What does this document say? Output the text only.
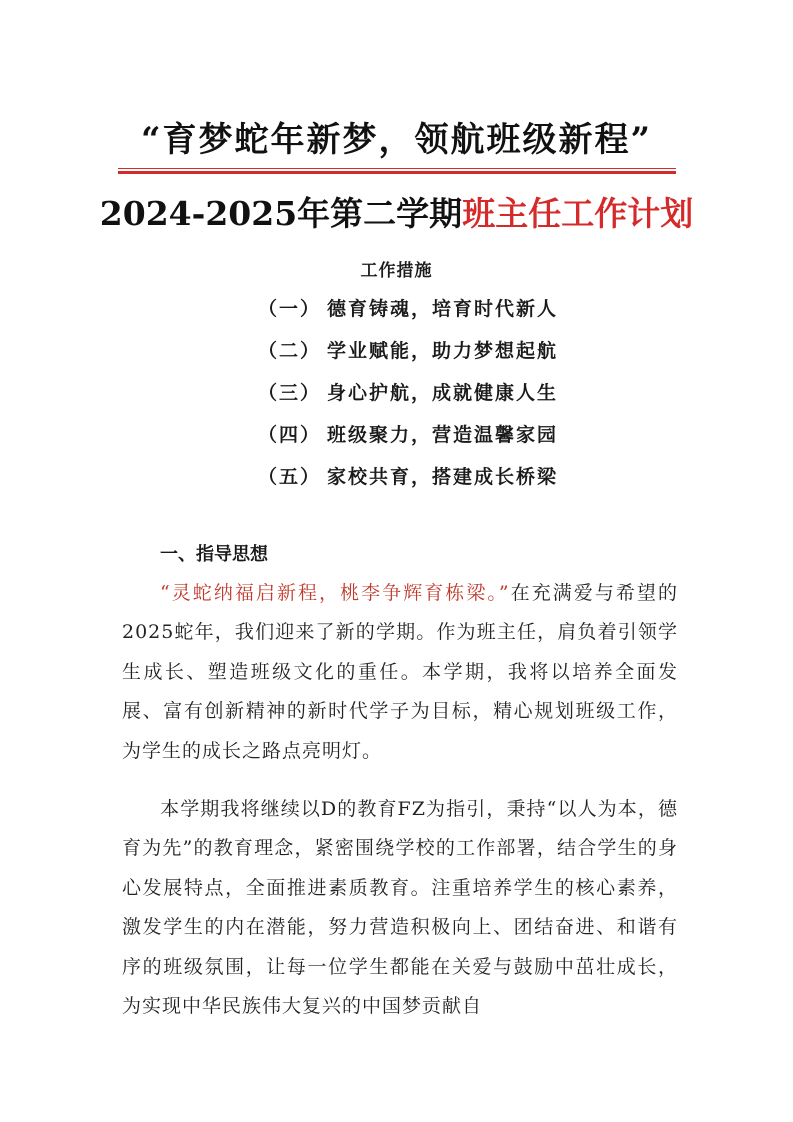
“育梦蛇年新梦，领航班级新程”
2024-2025年第二学期班主任工作计划
工作措施
（一） 德育铸魂，培育时代新人
（二） 学业赋能，助力梦想起航
（三） 身心护航，成就健康人生
（四） 班级聚力，营造温馨家园
（五） 家校共育，搭建成长桥梁
一、指导思想

“灵蛇纳福启新程，桃李争辉育栋梁。”在充满爱与希望的2025蛇年，我们迎来了新的学期。作为班主任，肩负着引领学生成长、塑造班级文化的重任。本学期，我将以培养全面发展、富有创新精神的新时代学子为目标，精心规划班级工作，为学生的成长之路点亮明灯。

本学期我将继续以D的教育FZ为指引，秉持“以人为本，德育为先”的教育理念，紧密围绕学校的工作部署，结合学生的身心发展特点，全面推进素质教育。注重培养学生的核心素养，激发学生的内在潜能，努力营造积极向上、团结奋进、和谐有序的班级氛围，让每一位学生都能在关爱与鼓励中茁壮成长，为实现中华民族伟大复兴的中国梦贡献自
